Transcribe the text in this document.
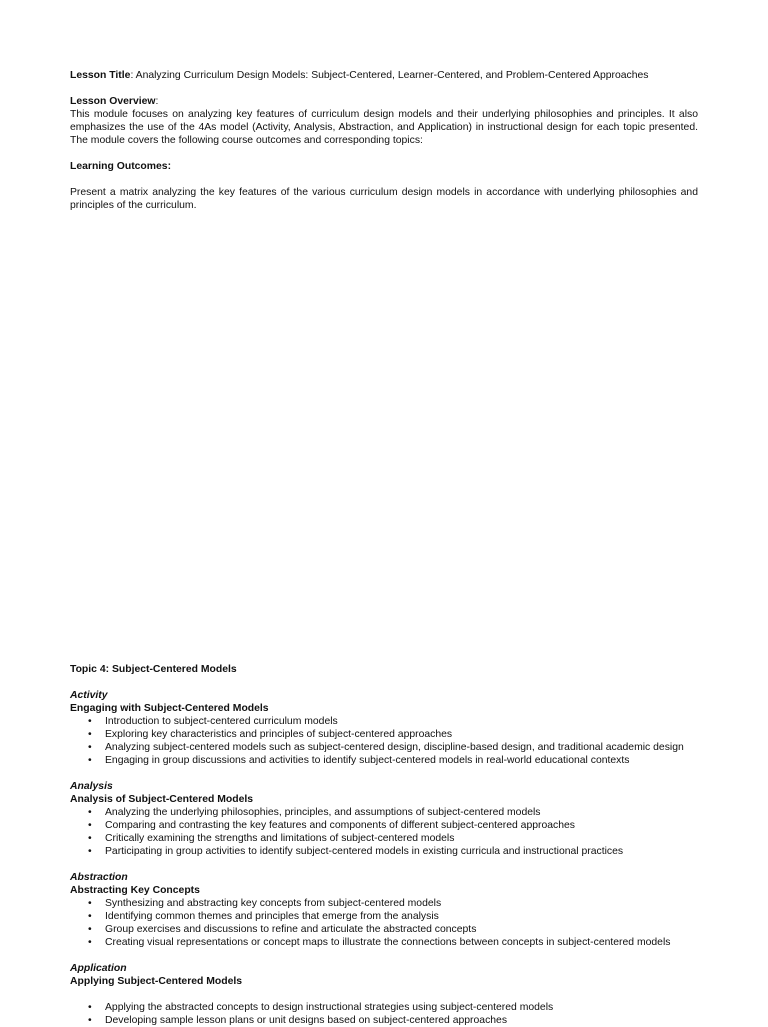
Lesson Title: Analyzing Curriculum Design Models: Subject-Centered, Learner-Centered, and Problem-Centered Approaches

Lesson Overview:

This module focuses on analyzing key features of curriculum design models and their underlying philosophies and principles. It also emphasizes the use of the 4As model (Activity, Analysis, Abstraction, and Application) in instructional design for each topic presented. The module covers the following course outcomes and corresponding topics:

Learning Outcomes:

Present a matrix analyzing the key features of the various curriculum design models in accordance with underlying philosophies and principles of the curriculum.

Topic 4: Subject-Centered Models

Activity

Engaging with Subject-Centered Models

• Introduction to subject-centered curriculum models
• Exploring key characteristics and principles of subject-centered approaches
• Analyzing subject-centered models such as subject-centered design, discipline-based design, and traditional academic design
• Engaging in group discussions and activities to identify subject-centered models in real-world educational contexts

Analysis

Analysis of Subject-Centered Models

• Analyzing the underlying philosophies, principles, and assumptions of subject-centered models
• Comparing and contrasting the key features and components of different subject-centered approaches
• Critically examining the strengths and limitations of subject-centered models
• Participating in group activities to identify subject-centered models in existing curricula and instructional practices

Abstraction

Abstracting Key Concepts

• Synthesizing and abstracting key concepts from subject-centered models
• Identifying common themes and principles that emerge from the analysis
• Group exercises and discussions to refine and articulate the abstracted concepts
• Creating visual representations or concept maps to illustrate the connections between concepts in subject-centered models

Application

Applying Subject-Centered Models

• Applying the abstracted concepts to design instructional strategies using subject-centered models
• Developing sample lesson plans or unit designs based on subject-centered approaches
